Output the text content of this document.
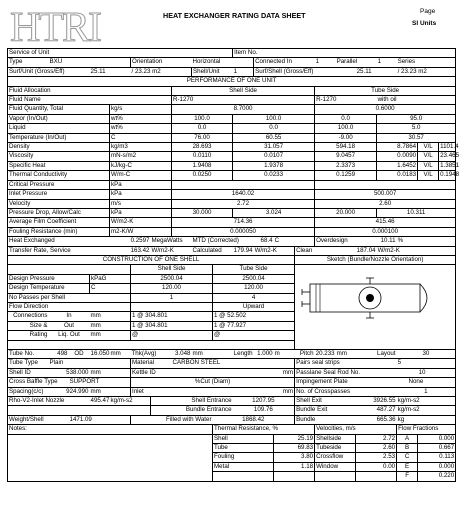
HTRI	HEAT EXCHANGER RATING DATA SHEET	Page
SI Units
Service of Unit										Item No.										
Type	BXU				Orientation			Horizontal			Connected In			1	Parallel		1	Series		
Surf/Unit (Gross/Eff)			25.11		/ 23.23 m2			Shell/Unit		1	Surf/Shell (Gross/Eff)					25.11		/ 23.23 m2		
PERFORMANCE OF ONE UNIT																				
Fluid Allocation							Shell Side							Tube Side						
Fluid Name							R-1270							R-1270			with oil			
Fluid Quantity, Total				kg/s			8.7000							0.6000						
Vapor (In/Out)				wt%			100.0			100.0				0.0			95.0			
Liquid				wt%			0.0			0.0				100.0			5.0			
Temperature (In/Out)				C			76.00			60.55				-9.00			30.57			
Density				kg/m3			28.693			31.057				594.18			8.7864		V/L	1101.4
Viscosity				mN-s/m2			0.0110			0.0107				9.0457			0.0090		V/L	23.465
Specific Heat				kJ/kg-C			1.9408			1.9378				2.3373			1.6452		V/L	1.3851
Thermal Conductivity				W/m-C			0.0250			0.0233				0.1259			0.0183		V/L	0.1948
Critical Pressure				kPa																
Inlet Pressure				kPa			1640.02							500.007						
Velocity				m/s			2.72							2.60						
Pressure Drop, Allow/Calc				kPa			30.000			3.024				20.000			10.311			
Average Film Coefficient				W/m2-K			714.36							415.46						
Fouling Resistance (min)				m2-K/W			0.000050							0.000100						
Heat Exchanged				0.2597		MegaWatts		MTD (Corrected)			68.4	C		Overdesign			10.11	%		
Transfer Rate, Service				163.42		W/m2-K		Calculated		179.94	W/m2-K		Clean		187.04		W/m2-K			
CONSTRUCTION OF ONE SHELL													Sketch (Bundle/Nozzle Orientation)							
					Shell Side				Tube Side											
Design Pressure			kPaG		2500.04				2500.04											
Design Temperature			C		120.00				120.00											
No Passes per Shell					1				4											
Flow Direction									Upward											
Connections	In		mm		1 @ 304.801				1 @ 52.502											
Size &	Out		mm		1 @ 304.801				1 @ 77.927											
Rating	Liq. Out		mm		@				@											

Tube No.	498	OD	16.050	mm	Thk(Avg)		3.048	mm	Length		1.000	m	Pitch	20.233	mm	Layout		30		
Tube Type	Plain				Material		CARBON STEEL						Pairs seal strips					5		
Shell ID	538.000		mm		Kettle ID		mm						Passlane Seal Rod No.						10	
Cross Baffle Type		SUPPORT			%Cut (Diam)								Impingement Plate				None			
Spacing(c/c)	924.990		mm		Inlet		mm						No. of Crosspasses					1		
Rho-V2-Inlet Nozzle			495.47	kg/m-s2		Shell Entrance				1207.95			Shell Exit		3926.55			kg/m-s2		
						Bundle Entrance				109.76			Bundle Exit		487.27			kg/m-s2		
Weight/Shell		1471.09			Filled with Water				1868.42				Bundle		665.36			kg		
Notes:									Thermal Resistance, %					Velocities, m/s				Flow Fractions		
									Shell			25.19		Shellside		2.72		A	0.000	
									Tube			69.83		Tubeside		2.60		B	0.667	
									Fouling			3.80		Crossflow		2.53		C	0.113	
									Metal			1.18		Window		0.00		E	0.000	
																		F	0.220	
